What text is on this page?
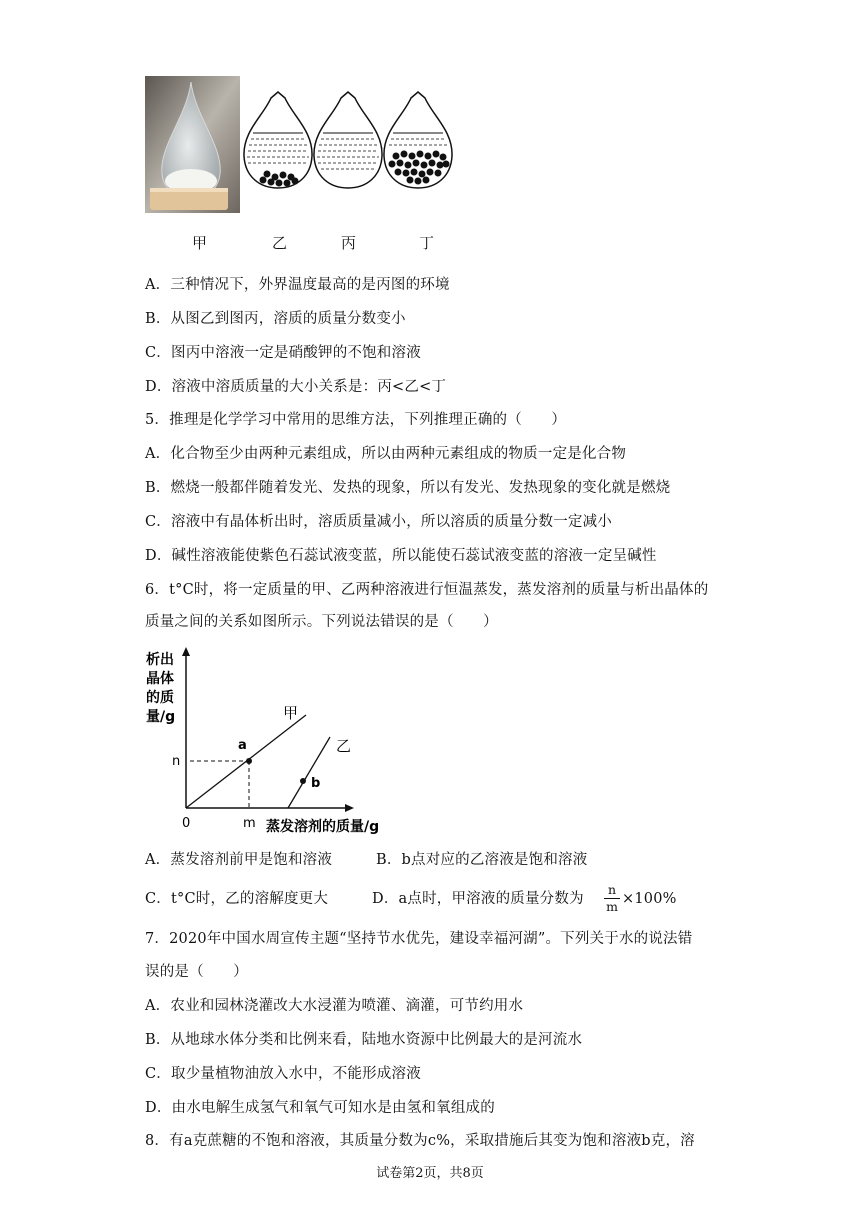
甲	乙	丙	丁
A．三种情况下，外界温度最高的是丙图的环境
B．从图乙到图丙，溶质的质量分数变小
C．图丙中溶液一定是硝酸钾的不饱和溶液
D．溶液中溶质质量的大小关系是：丙<乙<丁
5．推理是化学学习中常用的思维方法，下列推理正确的（　　）
A．化合物至少由两种元素组成，所以由两种元素组成的物质一定是化合物
B．燃烧一般都伴随着发光、发热的现象，所以有发光、发热现象的变化就是燃烧
C．溶液中有晶体析出时，溶质质量减小，所以溶质的质量分数一定减小
D．碱性溶液能使紫色石蕊试液变蓝，所以能使石蕊试液变蓝的溶液一定呈碱性
6．t°C时，将一定质量的甲、乙两种溶液进行恒温蒸发，蒸发溶剂的质量与析出晶体的
质量之间的关系如图所示。下列说法错误的是（　　）
析出
晶体
的质
量/g
a
b
甲
乙
n
0	m 蒸发溶剂的质量/g
A．蒸发溶剂前甲是饱和溶液	B．b点对应的乙溶液是饱和溶液
C．t°C时，乙的溶解度更大	D．a点时，甲溶液的质量分数为
n
m ×100%
7．2020年中国水周宣传主题“坚持节水优先，建设幸福河湖”。下列关于水的说法错
误的是（　　）
A．农业和园林浇灌改大水浸灌为喷灌、滴灌，可节约用水
B．从地球水体分类和比例来看，陆地水资源中比例最大的是河流水
C．取少量植物油放入水中，不能形成溶液
D．由水电解生成氢气和氧气可知水是由氢和氧组成的
8．有a克蔗糖的不饱和溶液，其质量分数为c%，采取措施后其变为饱和溶液b克，溶
试卷第2页，共8页
